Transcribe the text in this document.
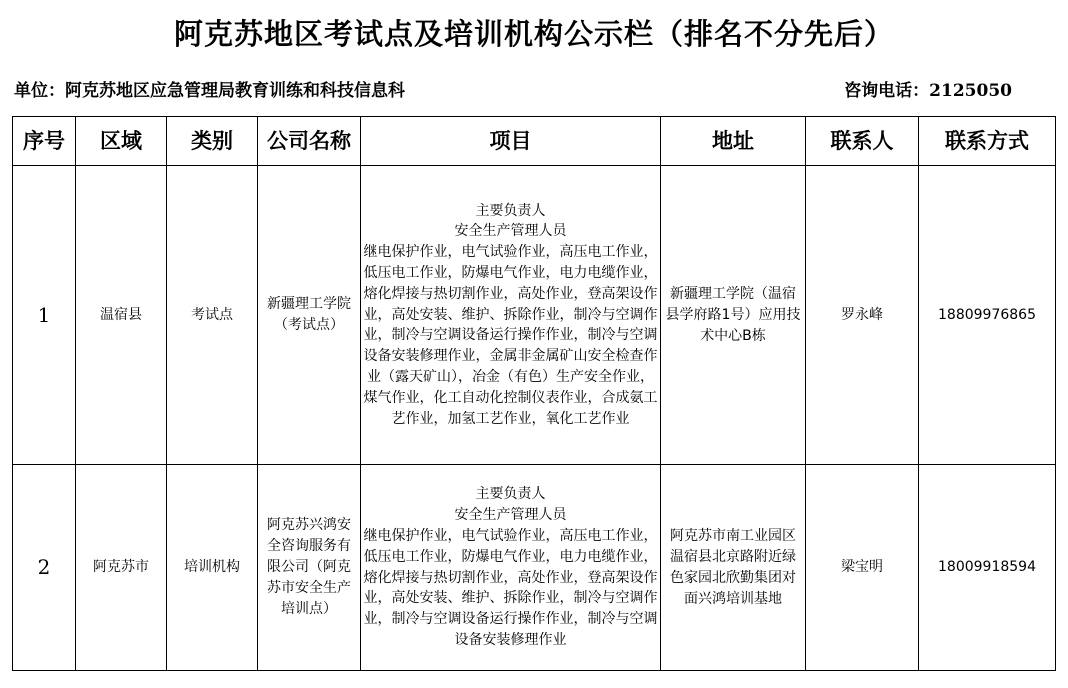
阿克苏地区考试点及培训机构公示栏（排名不分先后）
单位：阿克苏地区应急管理局教育训练和科技信息科	咨询电话：2125050
序号	区域	类别	公司名称	项目	地址	联系人	联系方式
1	温宿县	考试点	新疆理工学院（考试点）	主要负责人
安全生产管理人员
继电保护作业，电气试验作业，高压电工作业，低压电工作业，防爆电气作业，电力电缆作业，熔化焊接与热切割作业，高处作业，登高架设作业，高处安装、维护、拆除作业，制冷与空调作业，制冷与空调设备运行操作作业，制冷与空调设备安装修理作业，金属非金属矿山安全检查作业（露天矿山），冶金（有色）生产安全作业，煤气作业，化工自动化控制仪表作业，合成氨工艺作业，加氢工艺作业，氧化工艺作业	新疆理工学院（温宿县学府路1号）应用技术中心B栋	罗永峰	18809976865
2	阿克苏市	培训机构	阿克苏兴鸿安全咨询服务有限公司（阿克苏市安全生产培训点）	主要负责人
安全生产管理人员
继电保护作业，电气试验作业，高压电工作业，低压电工作业，防爆电气作业，电力电缆作业，熔化焊接与热切割作业，高处作业，登高架设作业，高处安装、维护、拆除作业，制冷与空调作业，制冷与空调设备运行操作作业，制冷与空调设备安装修理作业	阿克苏市南工业园区温宿县北京路附近绿色家园北欣勤集团对面兴鸿培训基地	梁宝明	18009918594
